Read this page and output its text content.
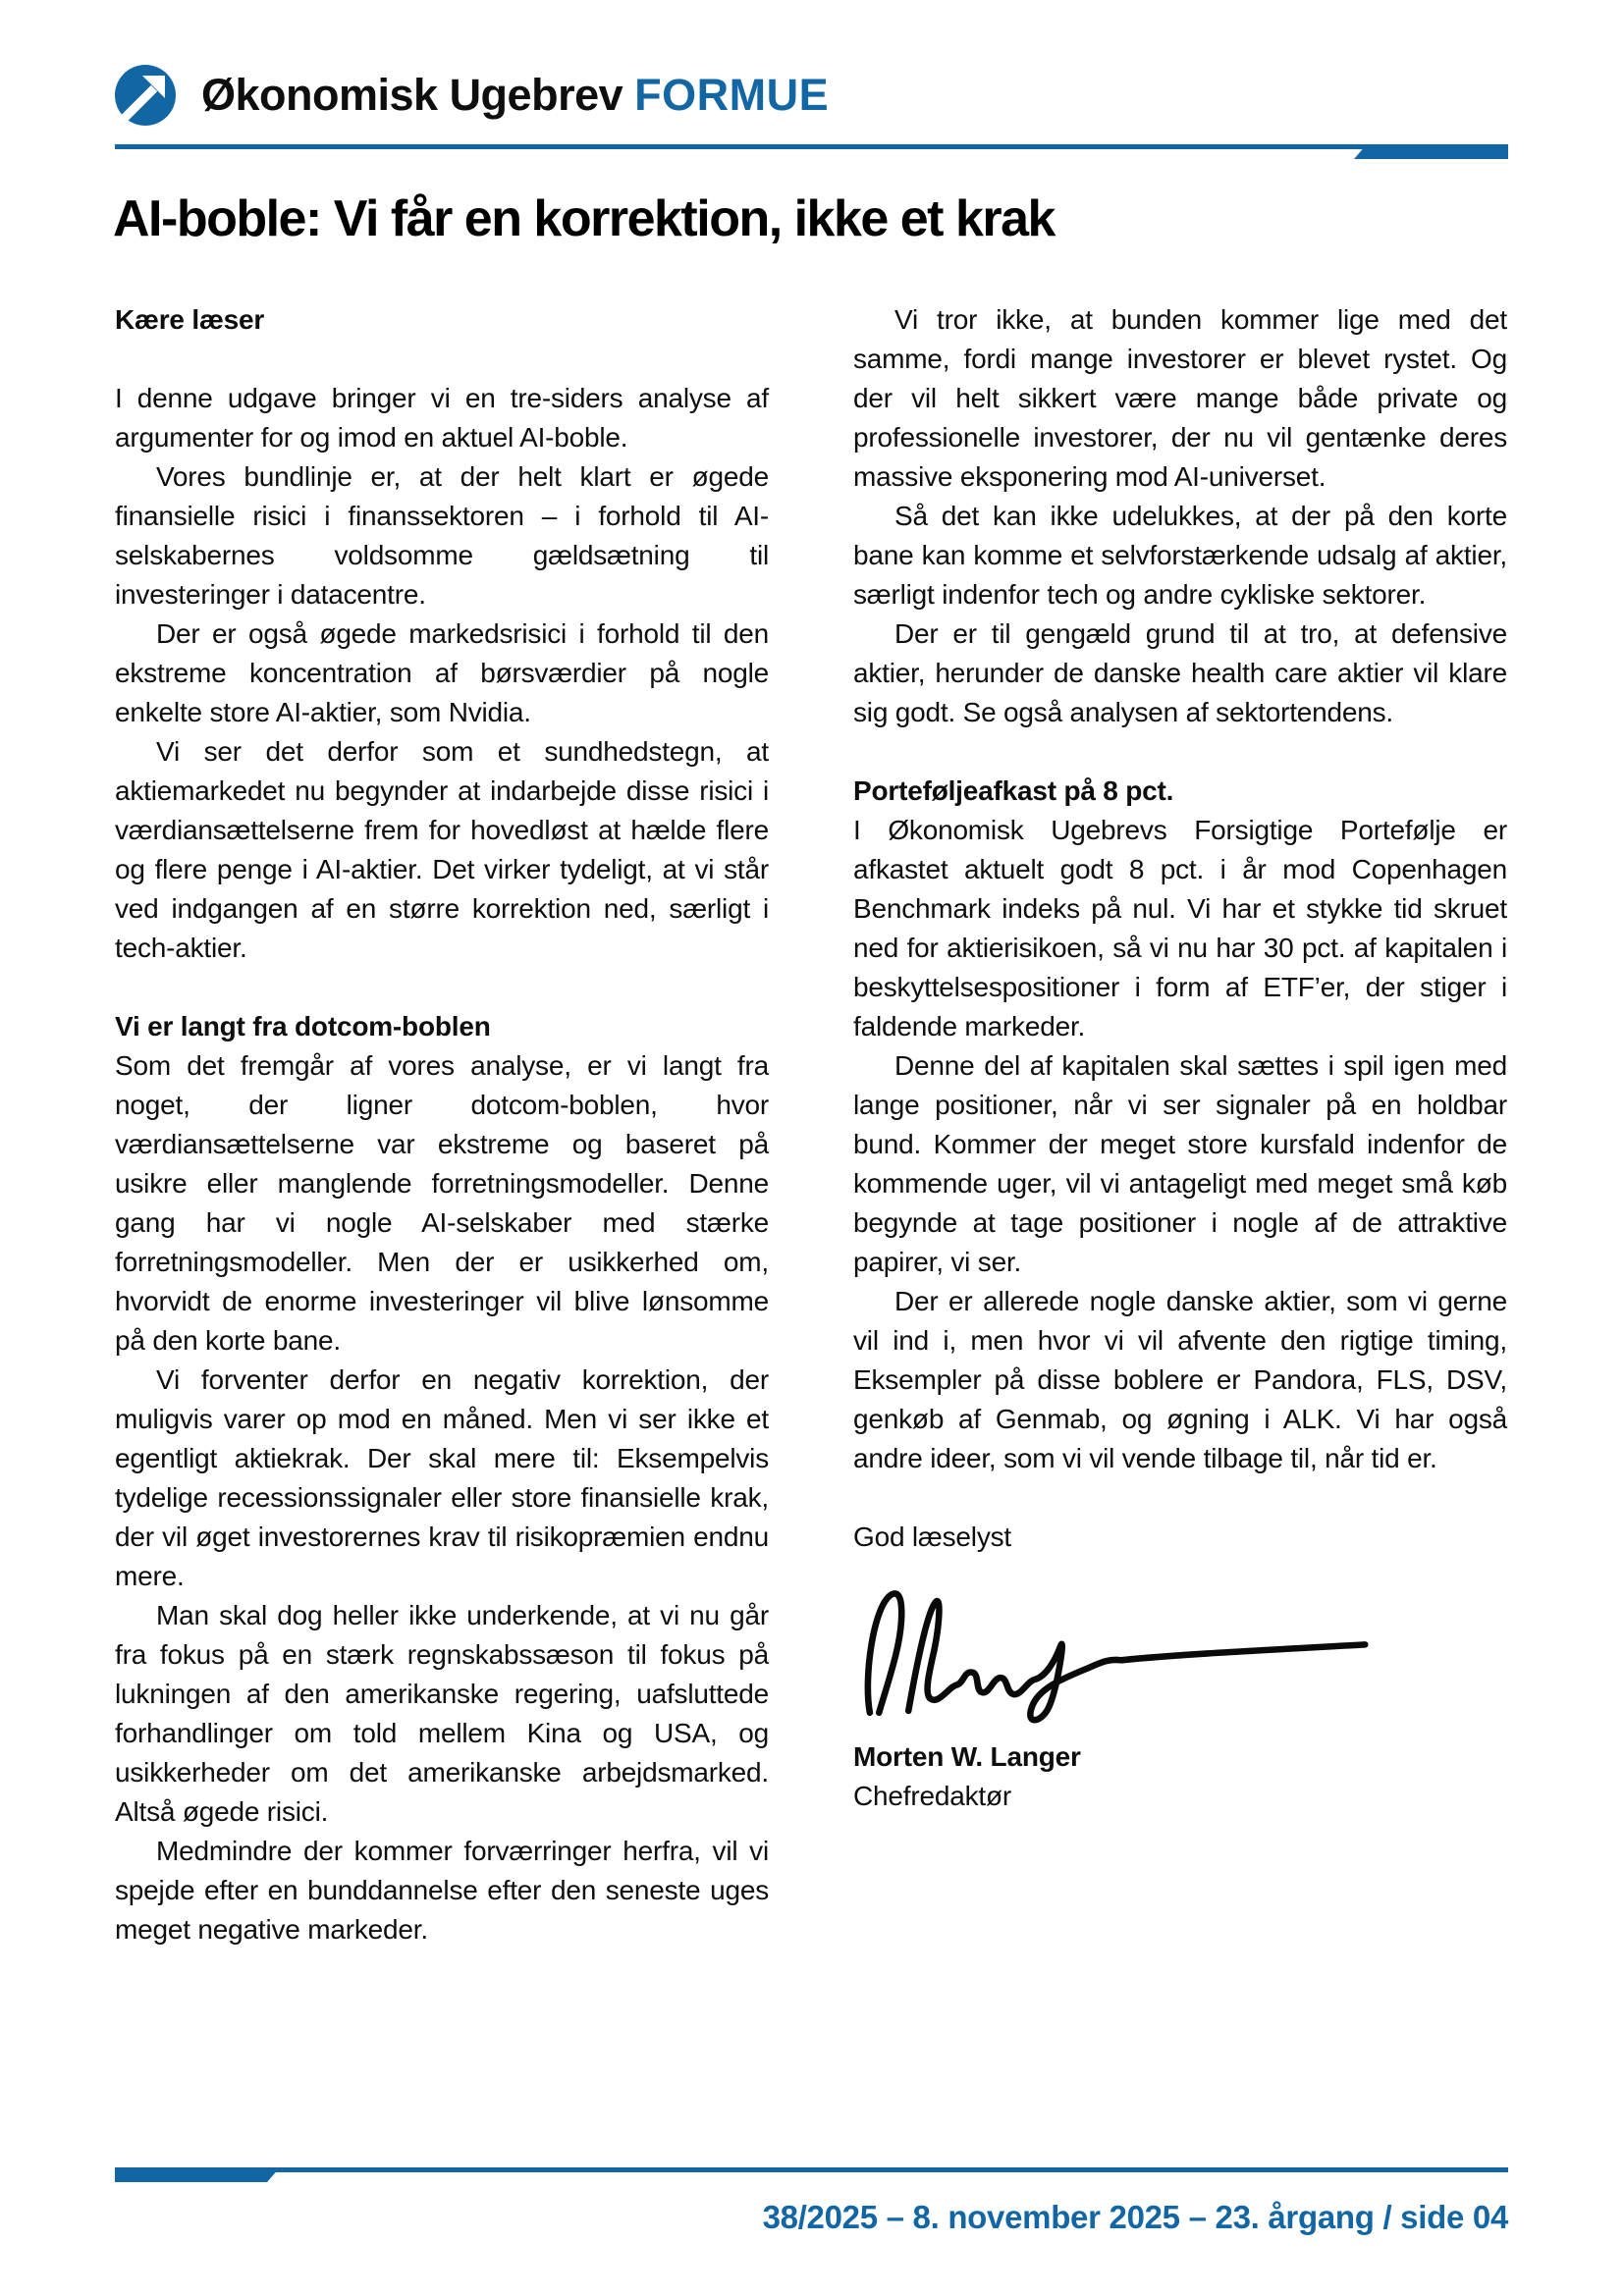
Økonomisk Ugebrev FORMUE
AI-boble: Vi får en korrektion, ikke et krak

Kære læser

I denne udgave bringer vi en tre-siders analyse af argumenter for og imod en aktuel AI-boble.

Vores bundlinje er, at der helt klart er øgede finansielle risici i finanssektoren – i forhold til AI-selskabernes voldsomme gældsætning til investeringer i datacentre.

Der er også øgede markedsrisici i forhold til den ekstreme koncentration af børsværdier på nogle enkelte store AI-aktier, som Nvidia.

Vi ser det derfor som et sundhedstegn, at aktiemarkedet nu begynder at indarbejde disse risici i værdiansættelserne frem for hovedløst at hælde flere og flere penge i AI-aktier. Det virker tydeligt, at vi står ved indgangen af en større korrektion ned, særligt i tech-aktier.

Vi er langt fra dotcom-boblen

Som det fremgår af vores analyse, er vi langt fra noget, der ligner dotcom-boblen, hvor værdiansættelserne var ekstreme og baseret på usikre eller manglende forretningsmodeller. Denne gang har vi nogle AI-selskaber med stærke forretningsmodeller. Men der er usikkerhed om, hvorvidt de enorme investeringer vil blive lønsomme på den korte bane.

Vi forventer derfor en negativ korrektion, der muligvis varer op mod en måned. Men vi ser ikke et egentligt aktiekrak. Der skal mere til: Eksempelvis tydelige recessionssignaler eller store finansielle krak, der vil øget investorernes krav til risikopræmien endnu mere.

Man skal dog heller ikke underkende, at vi nu går fra fokus på en stærk regnskabssæson til fokus på lukningen af den amerikanske regering, uafsluttede forhandlinger om told mellem Kina og USA, og usikkerheder om det amerikanske arbejdsmarked. Altså øgede risici.

Medmindre der kommer forværringer herfra, vil vi spejde efter en bunddannelse efter den seneste uges meget negative markeder.

Vi tror ikke, at bunden kommer lige med det samme, fordi mange investorer er blevet rystet. Og der vil helt sikkert være mange både private og professionelle investorer, der nu vil gentænke deres massive eksponering mod AI-universet.

Så det kan ikke udelukkes, at der på den korte bane kan komme et selvforstærkende udsalg af aktier, særligt indenfor tech og andre cykliske sektorer.

Der er til gengæld grund til at tro, at defensive aktier, herunder de danske health care aktier vil klare sig godt. Se også analysen af sektortendens.

Porteføljeafkast på 8 pct.

I Økonomisk Ugebrevs Forsigtige Portefølje er afkastet aktuelt godt 8 pct. i år mod Copenhagen Benchmark indeks på nul. Vi har et stykke tid skruet ned for aktierisikoen, så vi nu har 30 pct. af kapitalen i beskyttelsespositioner i form af ETF’er, der stiger i faldende markeder.

Denne del af kapitalen skal sættes i spil igen med lange positioner, når vi ser signaler på en holdbar bund. Kommer der meget store kursfald indenfor de kommende uger, vil vi antageligt med meget små køb begynde at tage positioner i nogle af de attraktive papirer, vi ser.

Der er allerede nogle danske aktier, som vi gerne vil ind i, men hvor vi vil afvente den rigtige timing, Eksempler på disse boblere er Pandora, FLS, DSV, genkøb af Genmab, og øgning i ALK. Vi har også andre ideer, som vi vil vende tilbage til, når tid er.

God læselyst

Morten W. Langer

Chefredaktør

38/2025 – 8. november 2025 – 23. årgang / side 04
